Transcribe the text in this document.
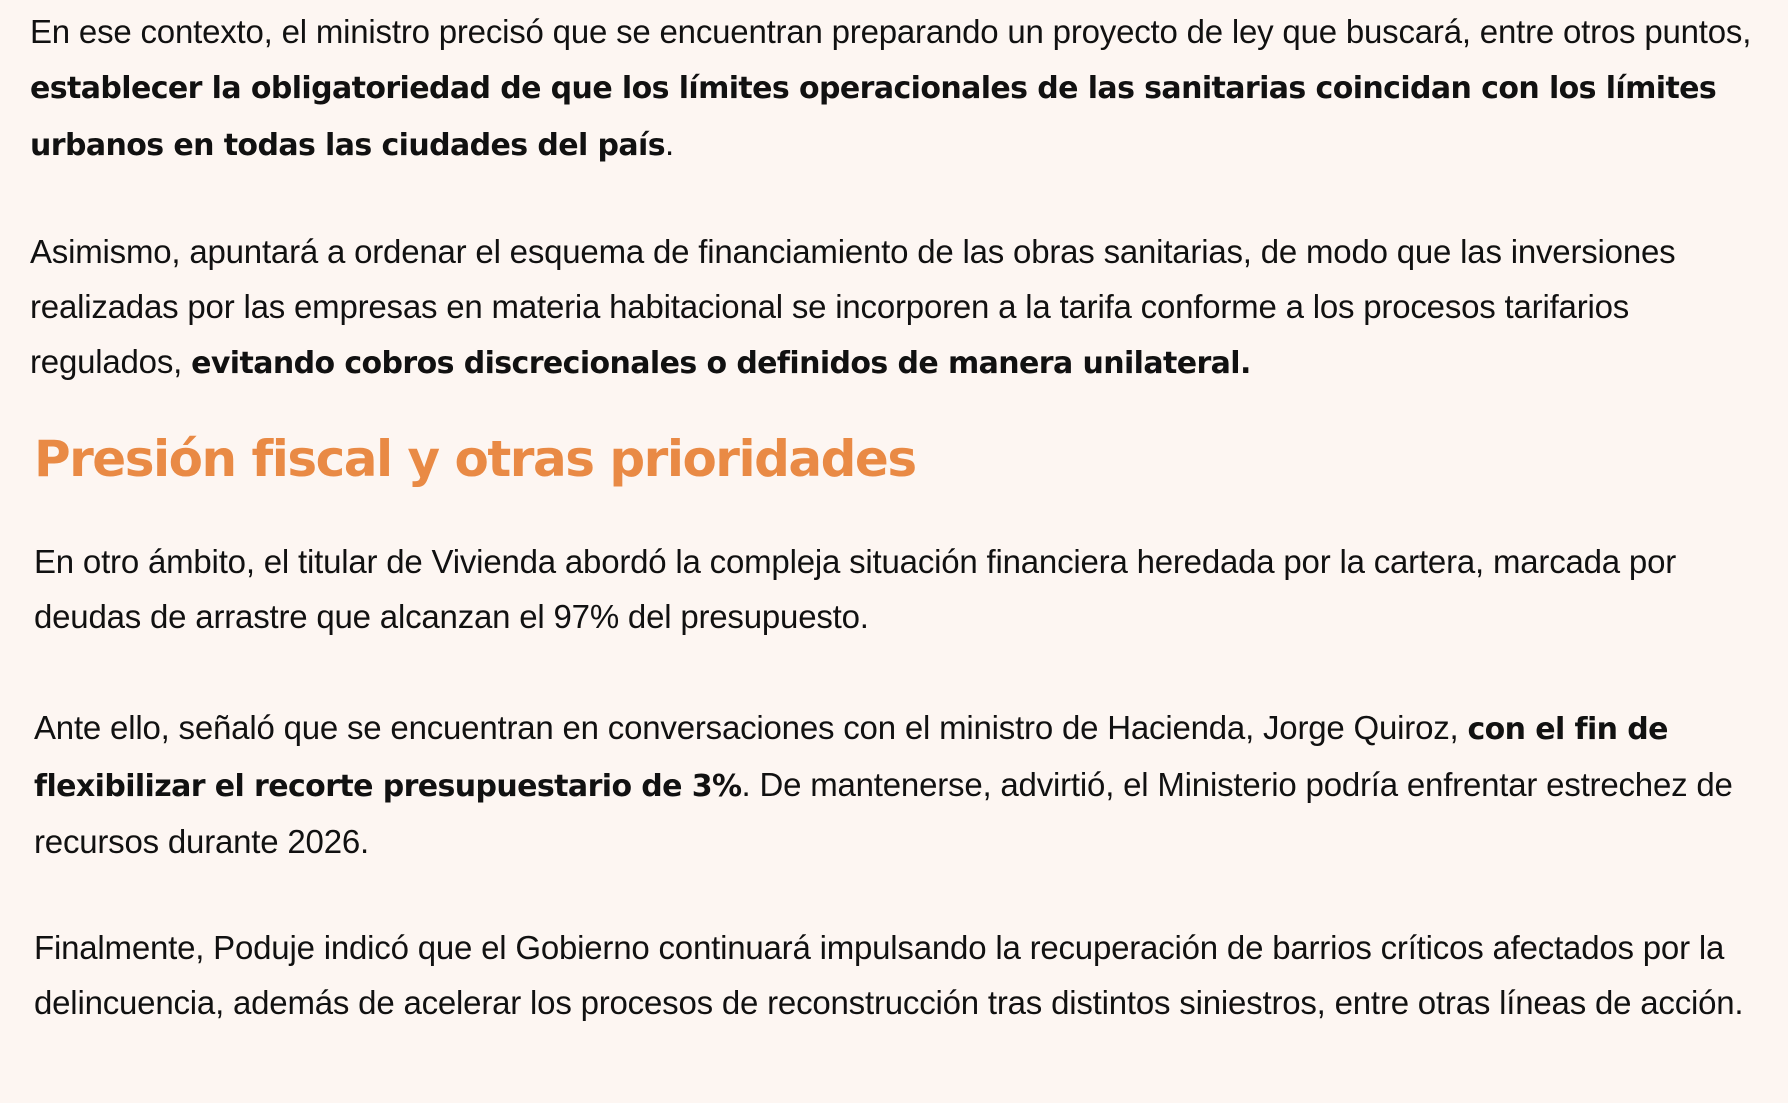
En ese contexto, el ministro precisó que se encuentran preparando un proyecto de ley que buscará, entre otros puntos, establecer la obligatoriedad de que los límites operacionales de las sanitarias coincidan con los límites urbanos en todas las ciudades del país.

Asimismo, apuntará a ordenar el esquema de financiamiento de las obras sanitarias, de modo que las inversiones realizadas por las empresas en materia habitacional se incorporen a la tarifa conforme a los procesos tarifarios regulados, evitando cobros discrecionales o definidos de manera unilateral.

Presión fiscal y otras prioridades

En otro ámbito, el titular de Vivienda abordó la compleja situación financiera heredada por la cartera, marcada por deudas de arrastre que alcanzan el 97% del presupuesto.

Ante ello, señaló que se encuentran en conversaciones con el ministro de Hacienda, Jorge Quiroz, con el fin de flexibilizar el recorte presupuestario de 3%. De mantenerse, advirtió, el Ministerio podría enfrentar estrechez de recursos durante 2026.

Finalmente, Poduje indicó que el Gobierno continuará impulsando la recuperación de barrios críticos afectados por la delincuencia, además de acelerar los procesos de reconstrucción tras distintos siniestros, entre otras líneas de acción.
